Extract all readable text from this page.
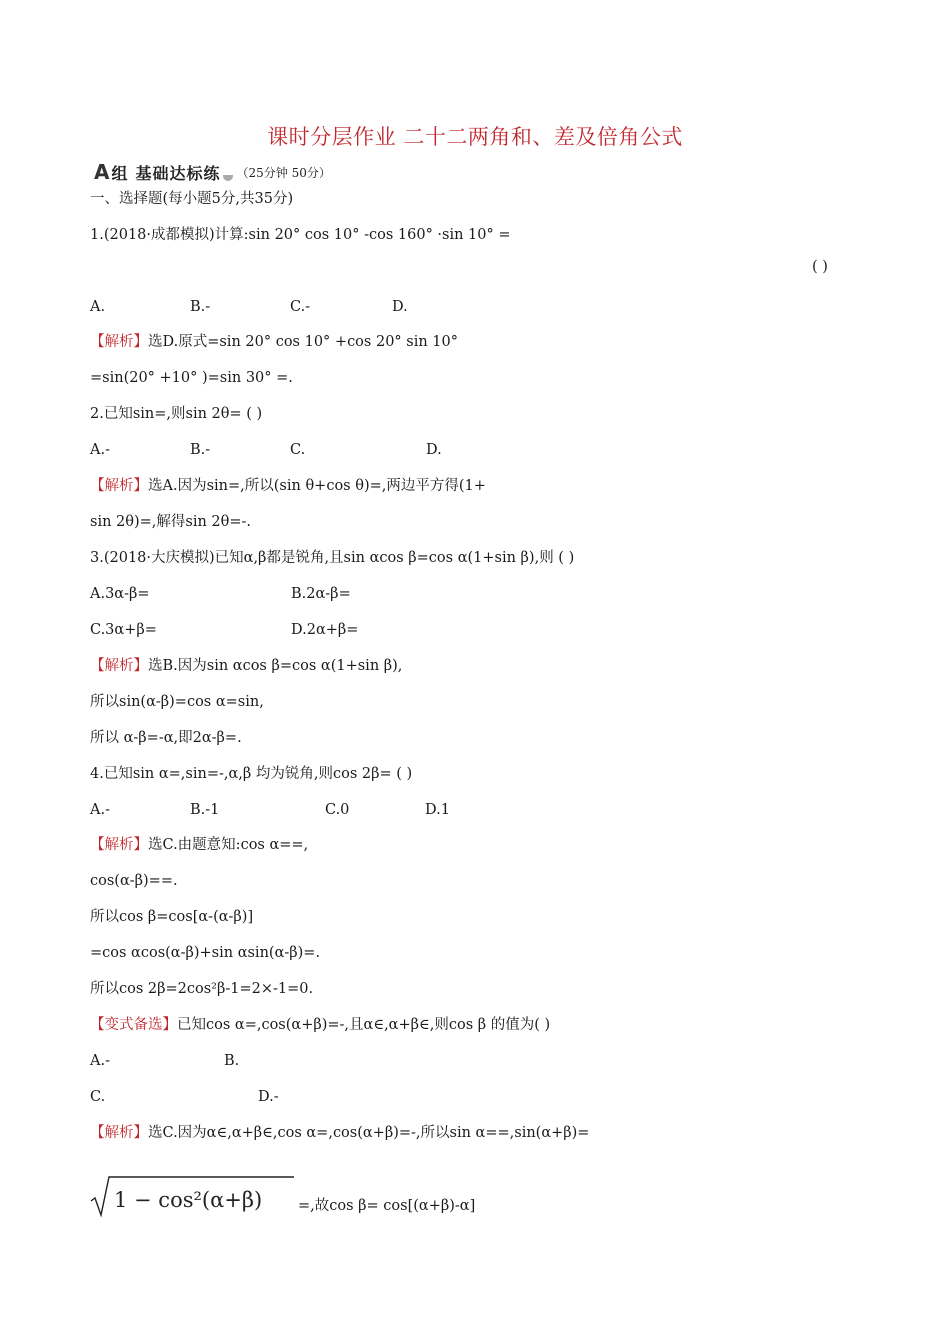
课时分层作业 二十二两角和、差及倍角公式
A 组 基础达标练 （25分钟 50分）
一、选择题(每小题5分,共35分)
1.(2018·成都模拟)计算:sin 20° cos 10° -cos 160° ·sin 10° =
( )
A.	B.-	C.-	D.
【解析】选D.原式=sin 20° cos 10° +cos 20° sin 10°
=sin(20° +10° )=sin 30° =.
2.已知sin=,则sin 2θ= ( )
A.-	B.-	C.	D.
【解析】选A.因为sin=,所以(sin θ+cos θ)=,两边平方得(1+
sin 2θ)=,解得sin 2θ=-.
3.(2018·大庆模拟)已知α,β都是锐角,且sin αcos β=cos α(1+sin β),则 ( )
A.3α-β=	B.2α-β=
C.3α+β=	D.2α+β=
【解析】选B.因为sin αcos β=cos α(1+sin β),
所以sin(α-β)=cos α=sin,
所以 α-β=-α,即2α-β=.
4.已知sin α=,sin=-,α,β 均为锐角,则cos 2β= ( )
A.-	B.-1	C.0	D.1
【解析】选C.由题意知:cos α==,
cos(α-β)==.
所以cos β=cos[α-(α-β)]
=cos αcos(α-β)+sin αsin(α-β)=.
所以cos 2β=2cos²β-1=2×-1=0.
【变式备选】已知cos α=,cos(α+β)=-,且α∈,α+β∈,则cos β 的值为( )
A.-	B.
C.	D.-
【解析】选C.因为α∈,α+β∈,cos α=,cos(α+β)=-,所以sin α==,sin(α+β)=
1 − cos²(α+β) =,故cos β= cos[(α+β)-α]
